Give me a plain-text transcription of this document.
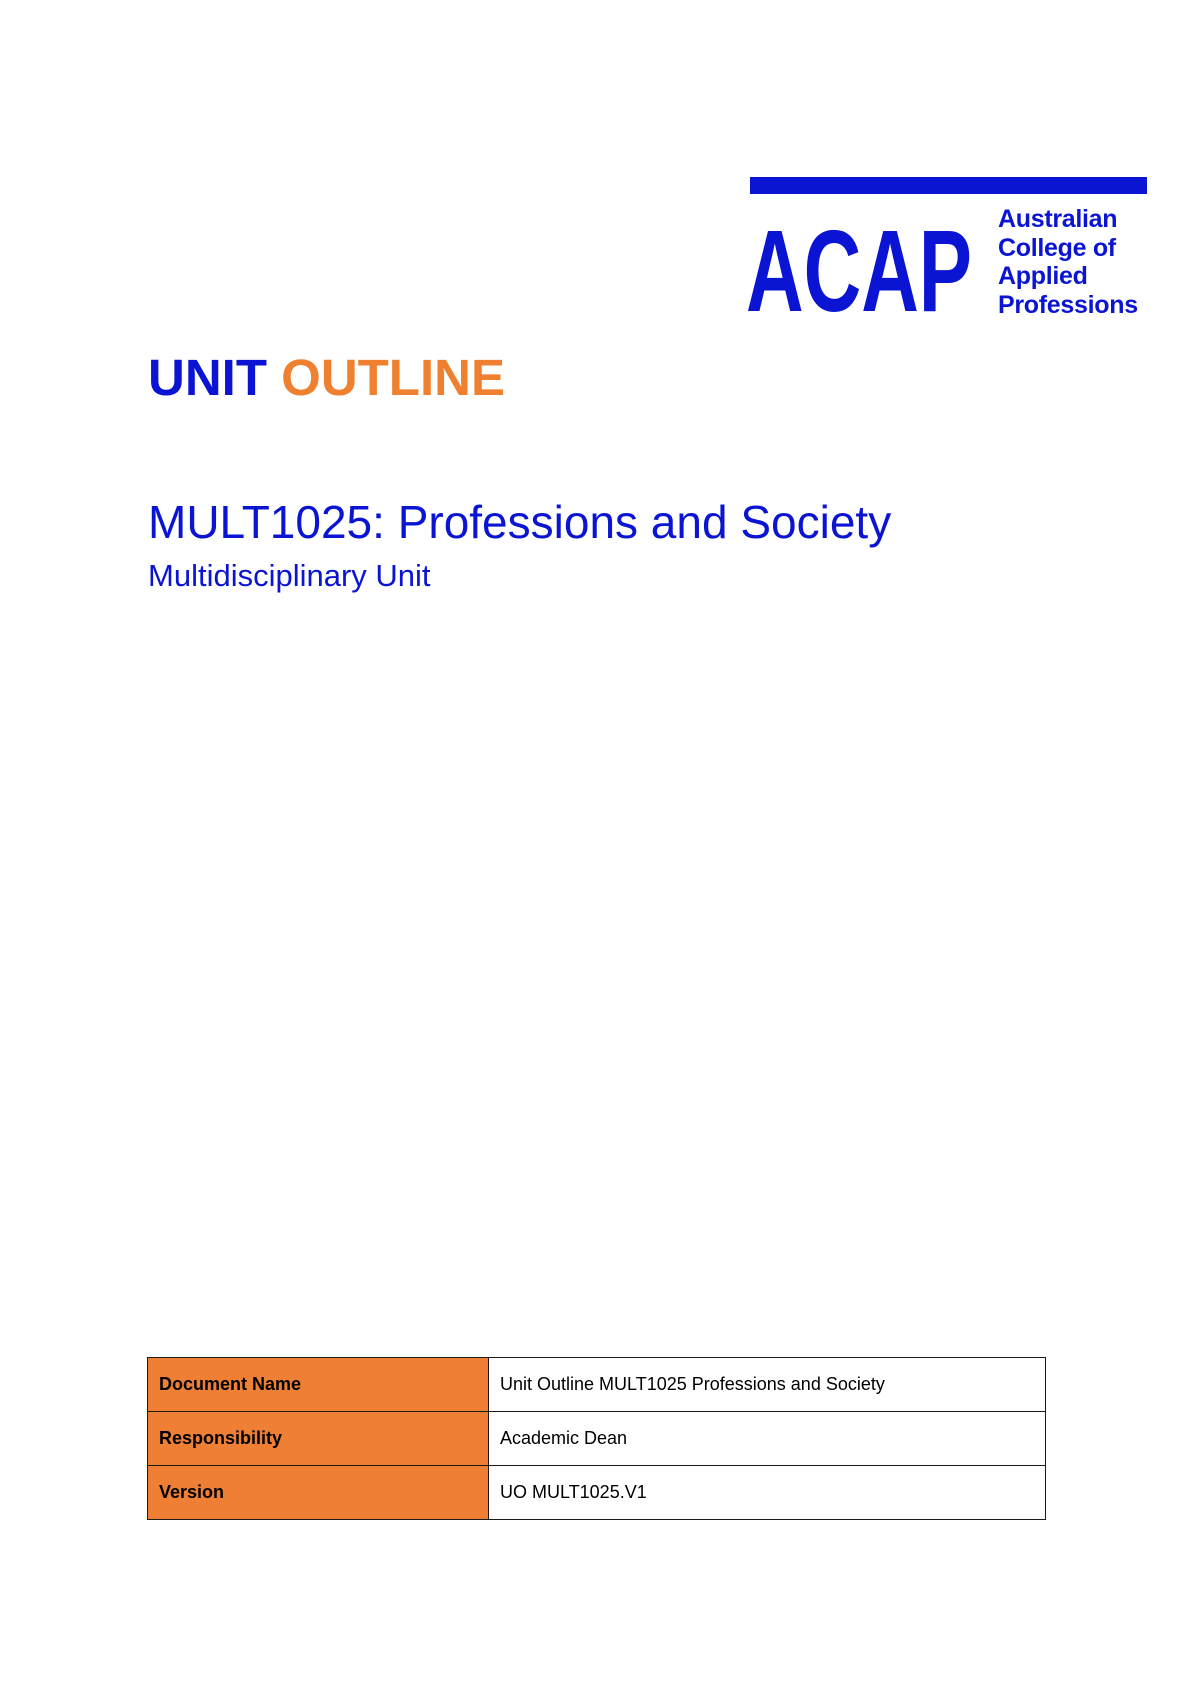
ACAP Australian
College of
Applied
Professions
UNIT OUTLINE
MULT1025: Professions and Society
Multidisciplinary Unit
Document Name	Unit Outline MULT1025 Professions and Society
Responsibility	Academic Dean
Version	UO MULT1025.V1
